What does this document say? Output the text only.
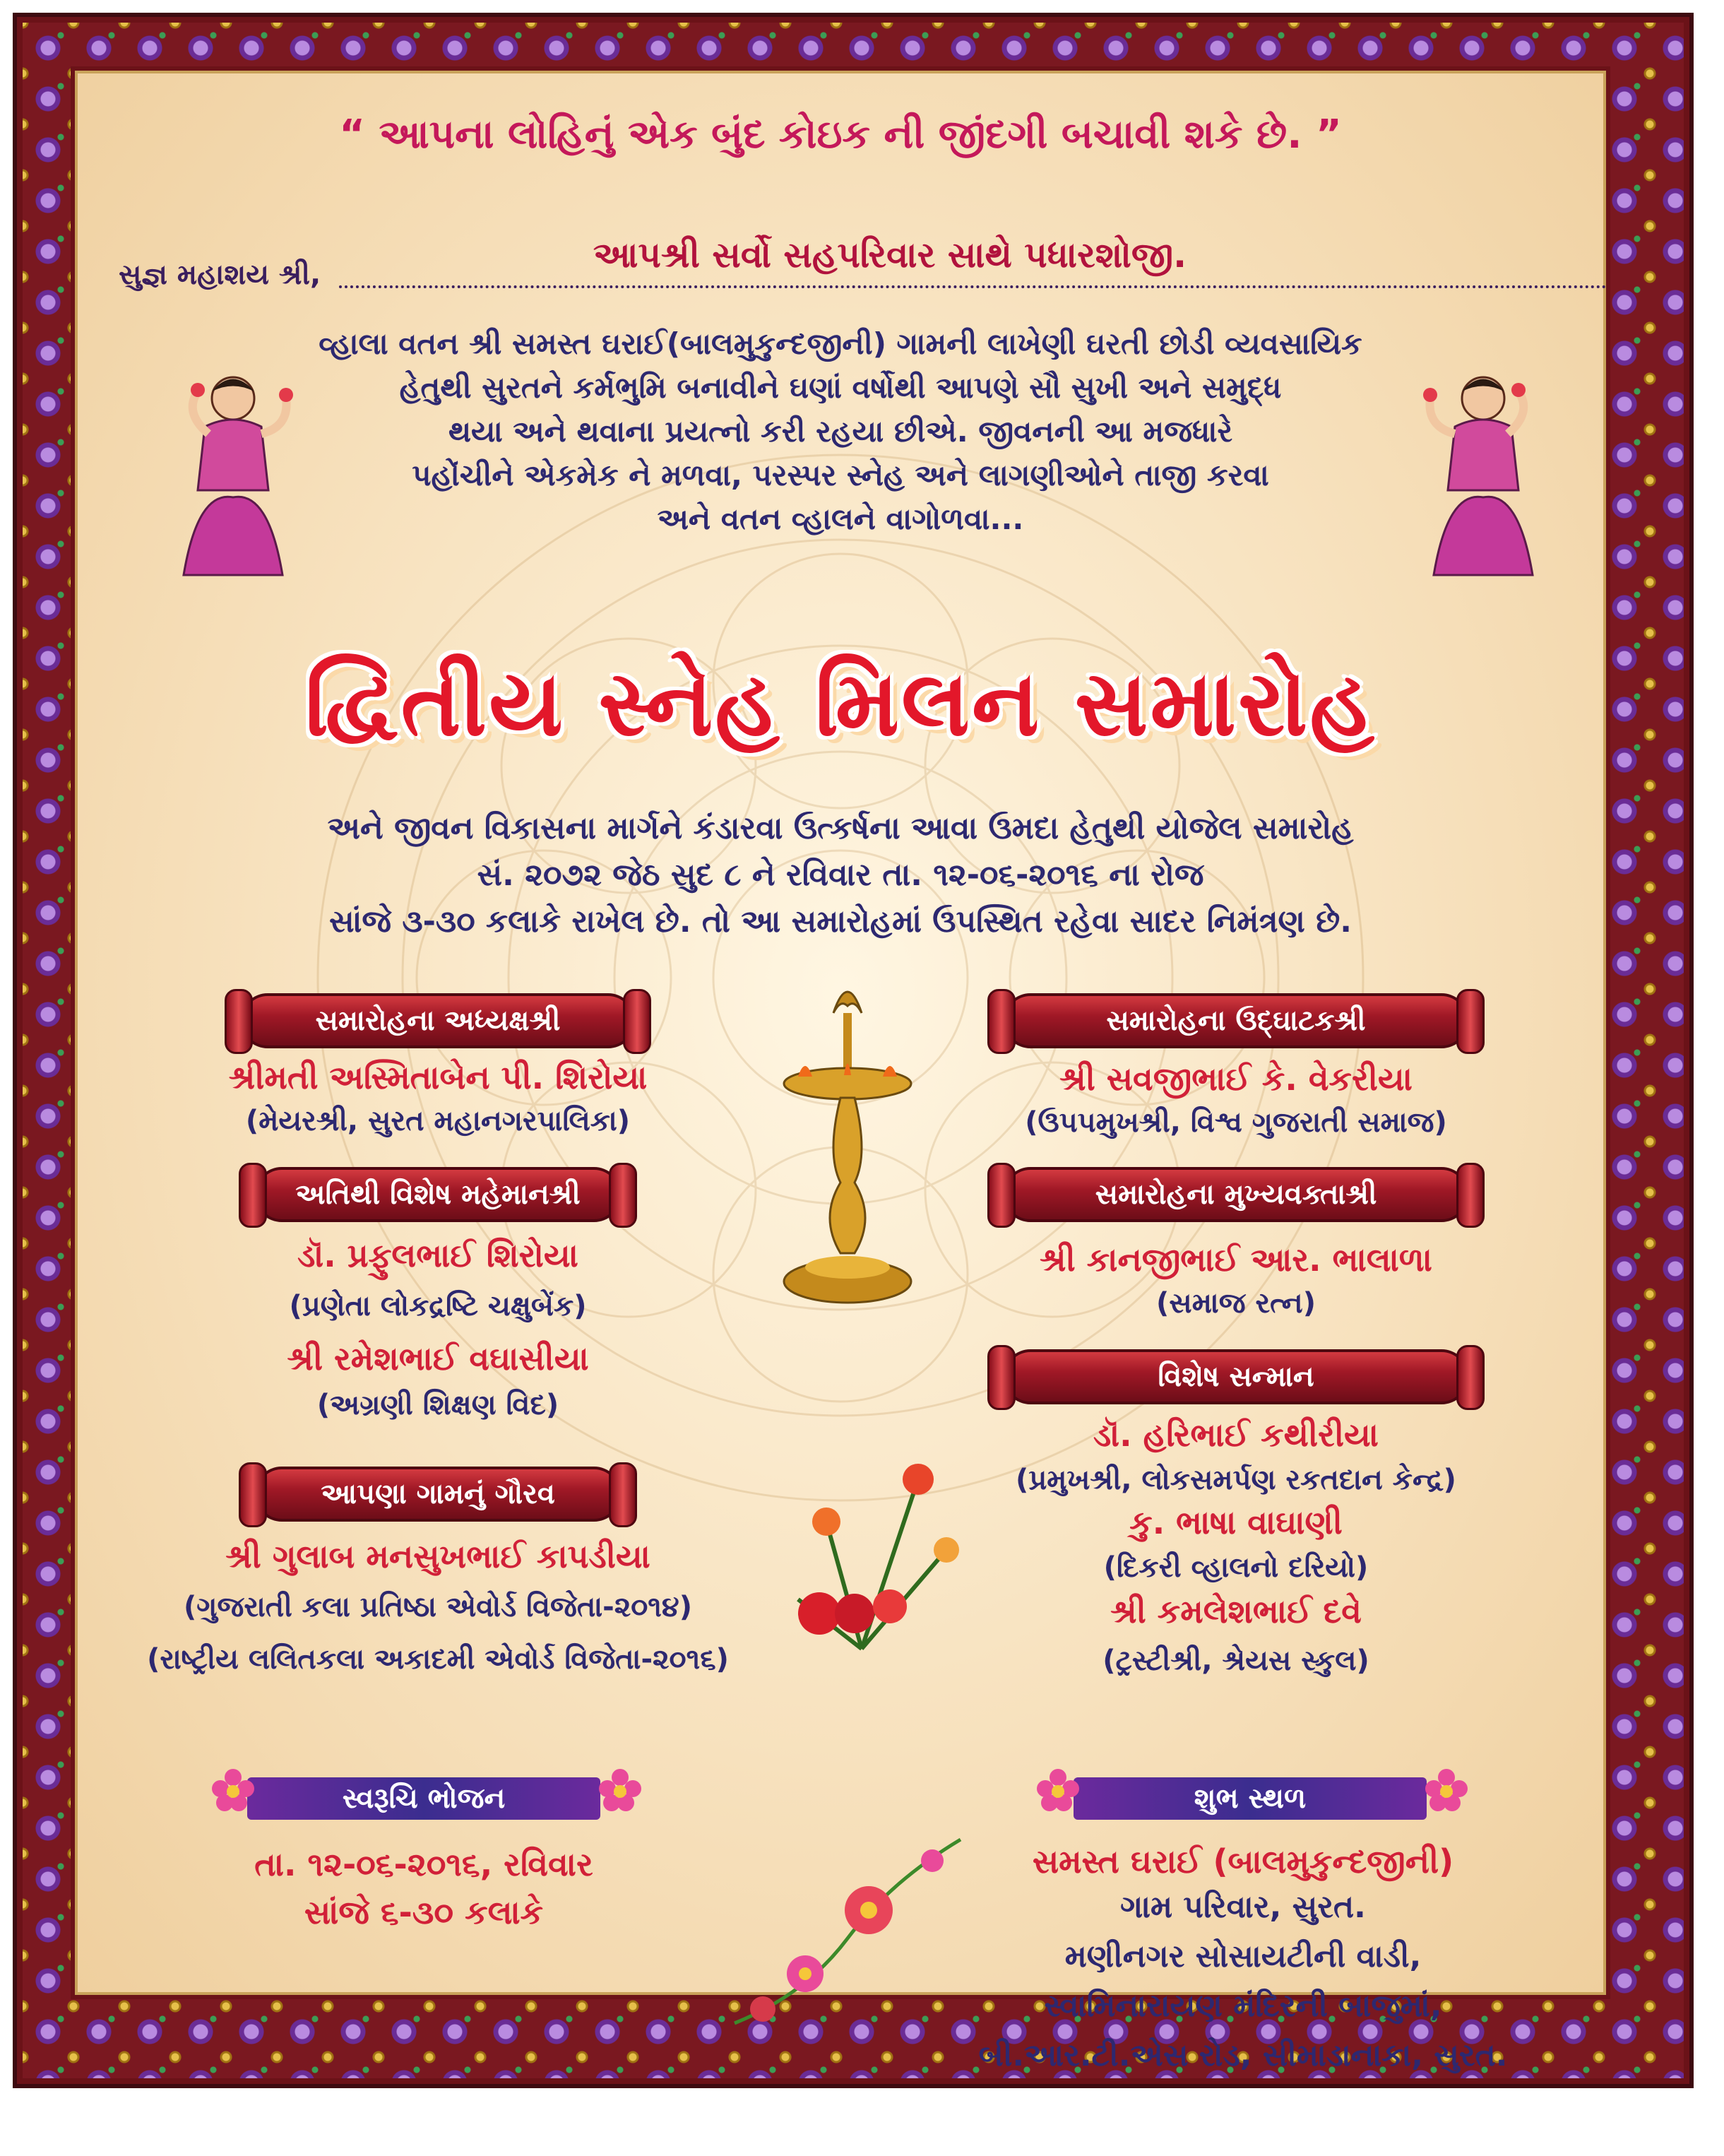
“ આપના લોહિનું એક બુંદ કોઇક ની જીંદગી બચાવી શકે છે. ”
સુજ્ઞ મહાશય શ્રી,	આપશ્રી સર્વો સહપરિવાર સાથે પધારશોજી.
વ્હાલા વતન શ્રી સમસ્ત ઘરાઈ(બાલમુકુન્દજીની) ગામની લાખેણી ઘરતી છોડી વ્યવસાયિક
હેતુથી સુરતને કર્મભુમિ બનાવીને ઘણાં વર્ષોથી આપણે સૌ સુખી અને સમુદ્ધ
થયા અને થવાના પ્રયત્નો કરી રહયા છીએ. જીવનની આ મજધારે
પહોંચીને એકમેક ને મળવા, પરસ્પર સ્નેહ અને લાગણીઓને તાજી કરવા
અને વતન વ્હાલને વાગોળવા...
દ્વિતીય સ્નેહ મિલન સમારોહ
અને જીવન વિકાસના માર્ગને કંડારવા ઉત્કર્ષના આવા ઉમદા હેતુથી યોજેલ સમારોહ
સં. ૨૦૭૨ જેઠ સુદ ૮ ને રવિવાર તા. ૧૨-૦૬-૨૦૧૬ ના રોજ
સાંજે ૩-૩૦ કલાકે રાખેલ છે. તો આ સમારોહમાં ઉપસ્થિત રહેવા સાદર નિમંત્રણ છે.
સમારોહના અધ્યક્ષશ્રી
શ્રીમતી અસ્મિતાબેન પી. શિરોયા
(મેયરશ્રી, સુરત મહાનગરપાલિકા)
અતિથી વિશેષ મહેમાનશ્રી
ડૉ. પ્રફુલભાઈ શિરોયા
(પ્રણેતા લોકદ્રષ્ટિ ચક્ષુબેંક)
શ્રી રમેશભાઈ વઘાસીયા
(અગ્રણી શિક્ષણ વિદ)
આપણા ગામનું ગૌરવ
શ્રી ગુલાબ મનસુખભાઈ કાપડીયા
(ગુજરાતી કલા પ્રતિષ્ઠા એવોર્ડ વિજેતા-૨૦૧૪)
(રાષ્ટ્રીય લલિતકલા અકાદમી એવોર્ડ વિજેતા-૨૦૧૬)
સમારોહના ઉદ્ઘાટકશ્રી
શ્રી સવજીભાઈ કે. વેકરીયા
(ઉપપમુખશ્રી, વિશ્વ ગુજરાતી સમાજ)
સમારોહના મુખ્યવક્તાશ્રી
શ્રી કાનજીભાઈ આર. ભાલાળા
(સમાજ રત્ન)
વિશેષ સન્માન
ડૉ. હરિભાઈ કથીરીયા
(પ્રમુખશ્રી, લોકસમર્પણ રકતદાન કેન્દ્ર)
કુ. ભાષા વાઘાણી
(દિકરી વ્હાલનો દરિયો)
શ્રી કમલેશભાઈ દવે
(ટ્રસ્ટીશ્રી, શ્રેયસ સ્કુલ)
સ્વરૂચિ ભોજન
તા. ૧૨-૦૬-૨૦૧૬, રવિવાર
સાંજે ૬-૩૦ કલાકે
શુભ સ્થળ
સમસ્ત ઘરાઈ (બાલમુકુન્દજીની)
ગામ પરિવાર, સુરત.
મણીનગર સોસાયટીની વાડી,
સ્વામિનારાયણ મંદિરની બાજુમાં,
બી.આર.ટી.એસ રોડ, સીમાડાનાકા, સુરત.
